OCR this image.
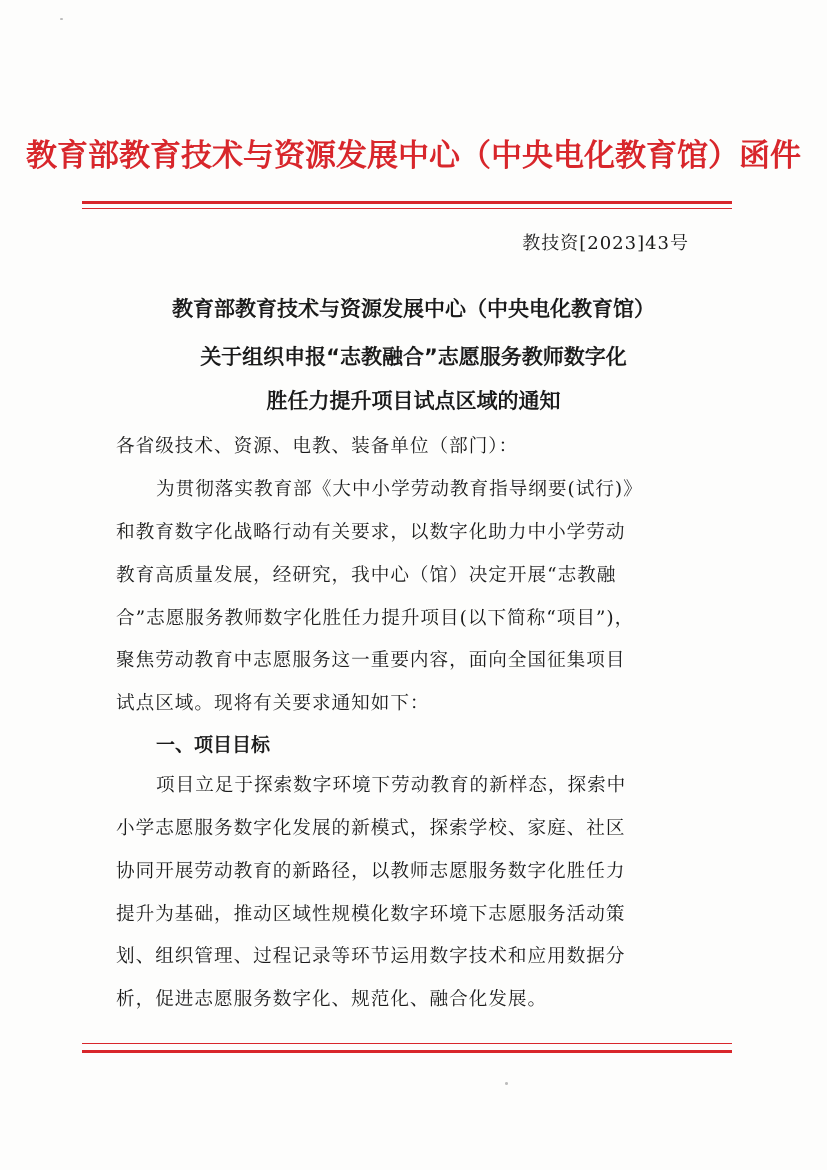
教育部教育技术与资源发展中心（中央电化教育馆）函件
教技资[2023]43号
教育部教育技术与资源发展中心（中央电化教育馆）
关于组织申报“志教融合”志愿服务教师数字化
胜任力提升项目试点区域的通知
各省级技术、资源、电教、装备单位（部门）：
为贯彻落实教育部《大中小学劳动教育指导纲要(试行)》
和教育数字化战略行动有关要求，以数字化助力中小学劳动
教育高质量发展，经研究，我中心（馆）决定开展“志教融
合”志愿服务教师数字化胜任力提升项目(以下简称“项目”)，
聚焦劳动教育中志愿服务这一重要内容，面向全国征集项目
试点区域。现将有关要求通知如下：
一、项目目标
项目立足于探索数字环境下劳动教育的新样态，探索中
小学志愿服务数字化发展的新模式，探索学校、家庭、社区
协同开展劳动教育的新路径，以教师志愿服务数字化胜任力
提升为基础，推动区域性规模化数字环境下志愿服务活动策
划、组织管理、过程记录等环节运用数字技术和应用数据分
析，促进志愿服务数字化、规范化、融合化发展。
